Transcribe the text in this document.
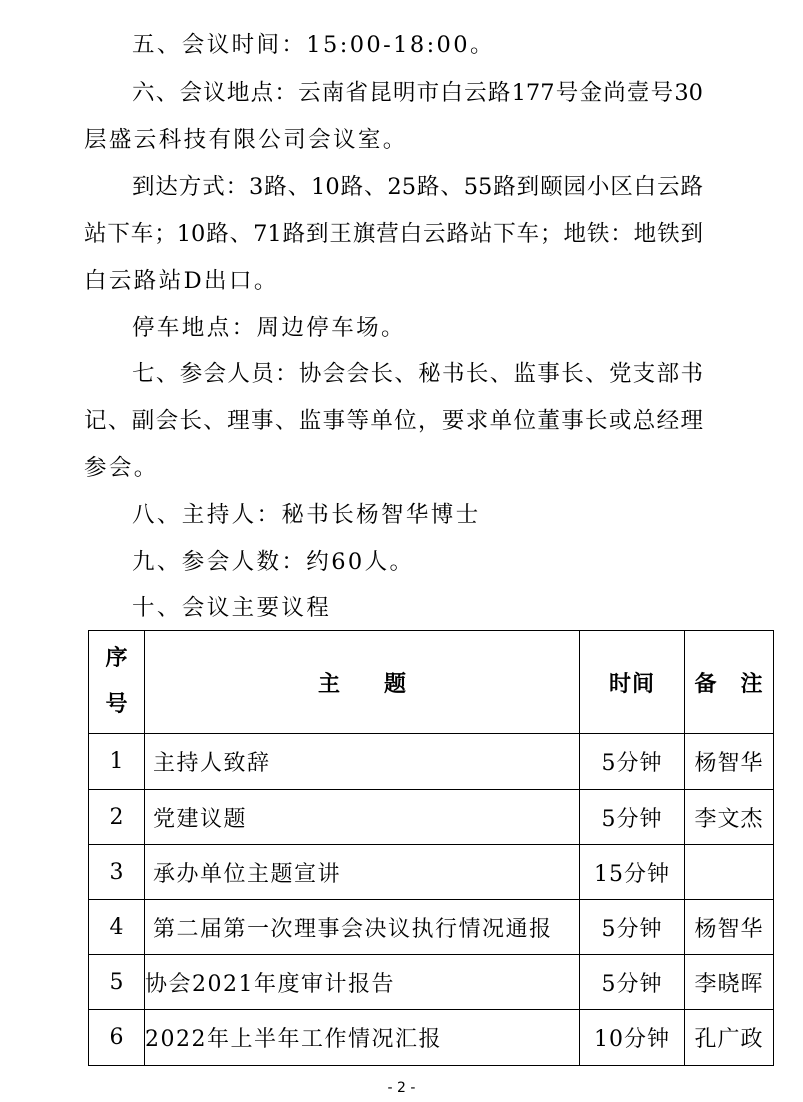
五、会议时间：15:00-18:00。

六、会议地点：云南省昆明市白云路177号金尚壹号30

层盛云科技有限公司会议室。

到达方式：3路、10路、25路、55路到颐园小区白云路

站下车；10路、71路到王旗营白云路站下车；地铁：地铁到

白云路站D出口。

停车地点：周边停车场。

七、参会人员：协会会长、秘书长、监事长、党支部书

记、副会长、理事、监事等单位，要求单位董事长或总经理

参会。

八、主持人：秘书长杨智华博士

九、参会人数：约60人。

十、会议主要议程

序
号	主　　题	时间	备　注
1	主持人致辞	5分钟	杨智华
2	党建议题	5分钟	李文杰
3	承办单位主题宣讲	15分钟	
4	第二届第一次理事会决议执行情况通报	5分钟	杨智华
5	协会2021年度审计报告	5分钟	李晓晖
6	2022年上半年工作情况汇报	10分钟	孔广政
- 2 -
